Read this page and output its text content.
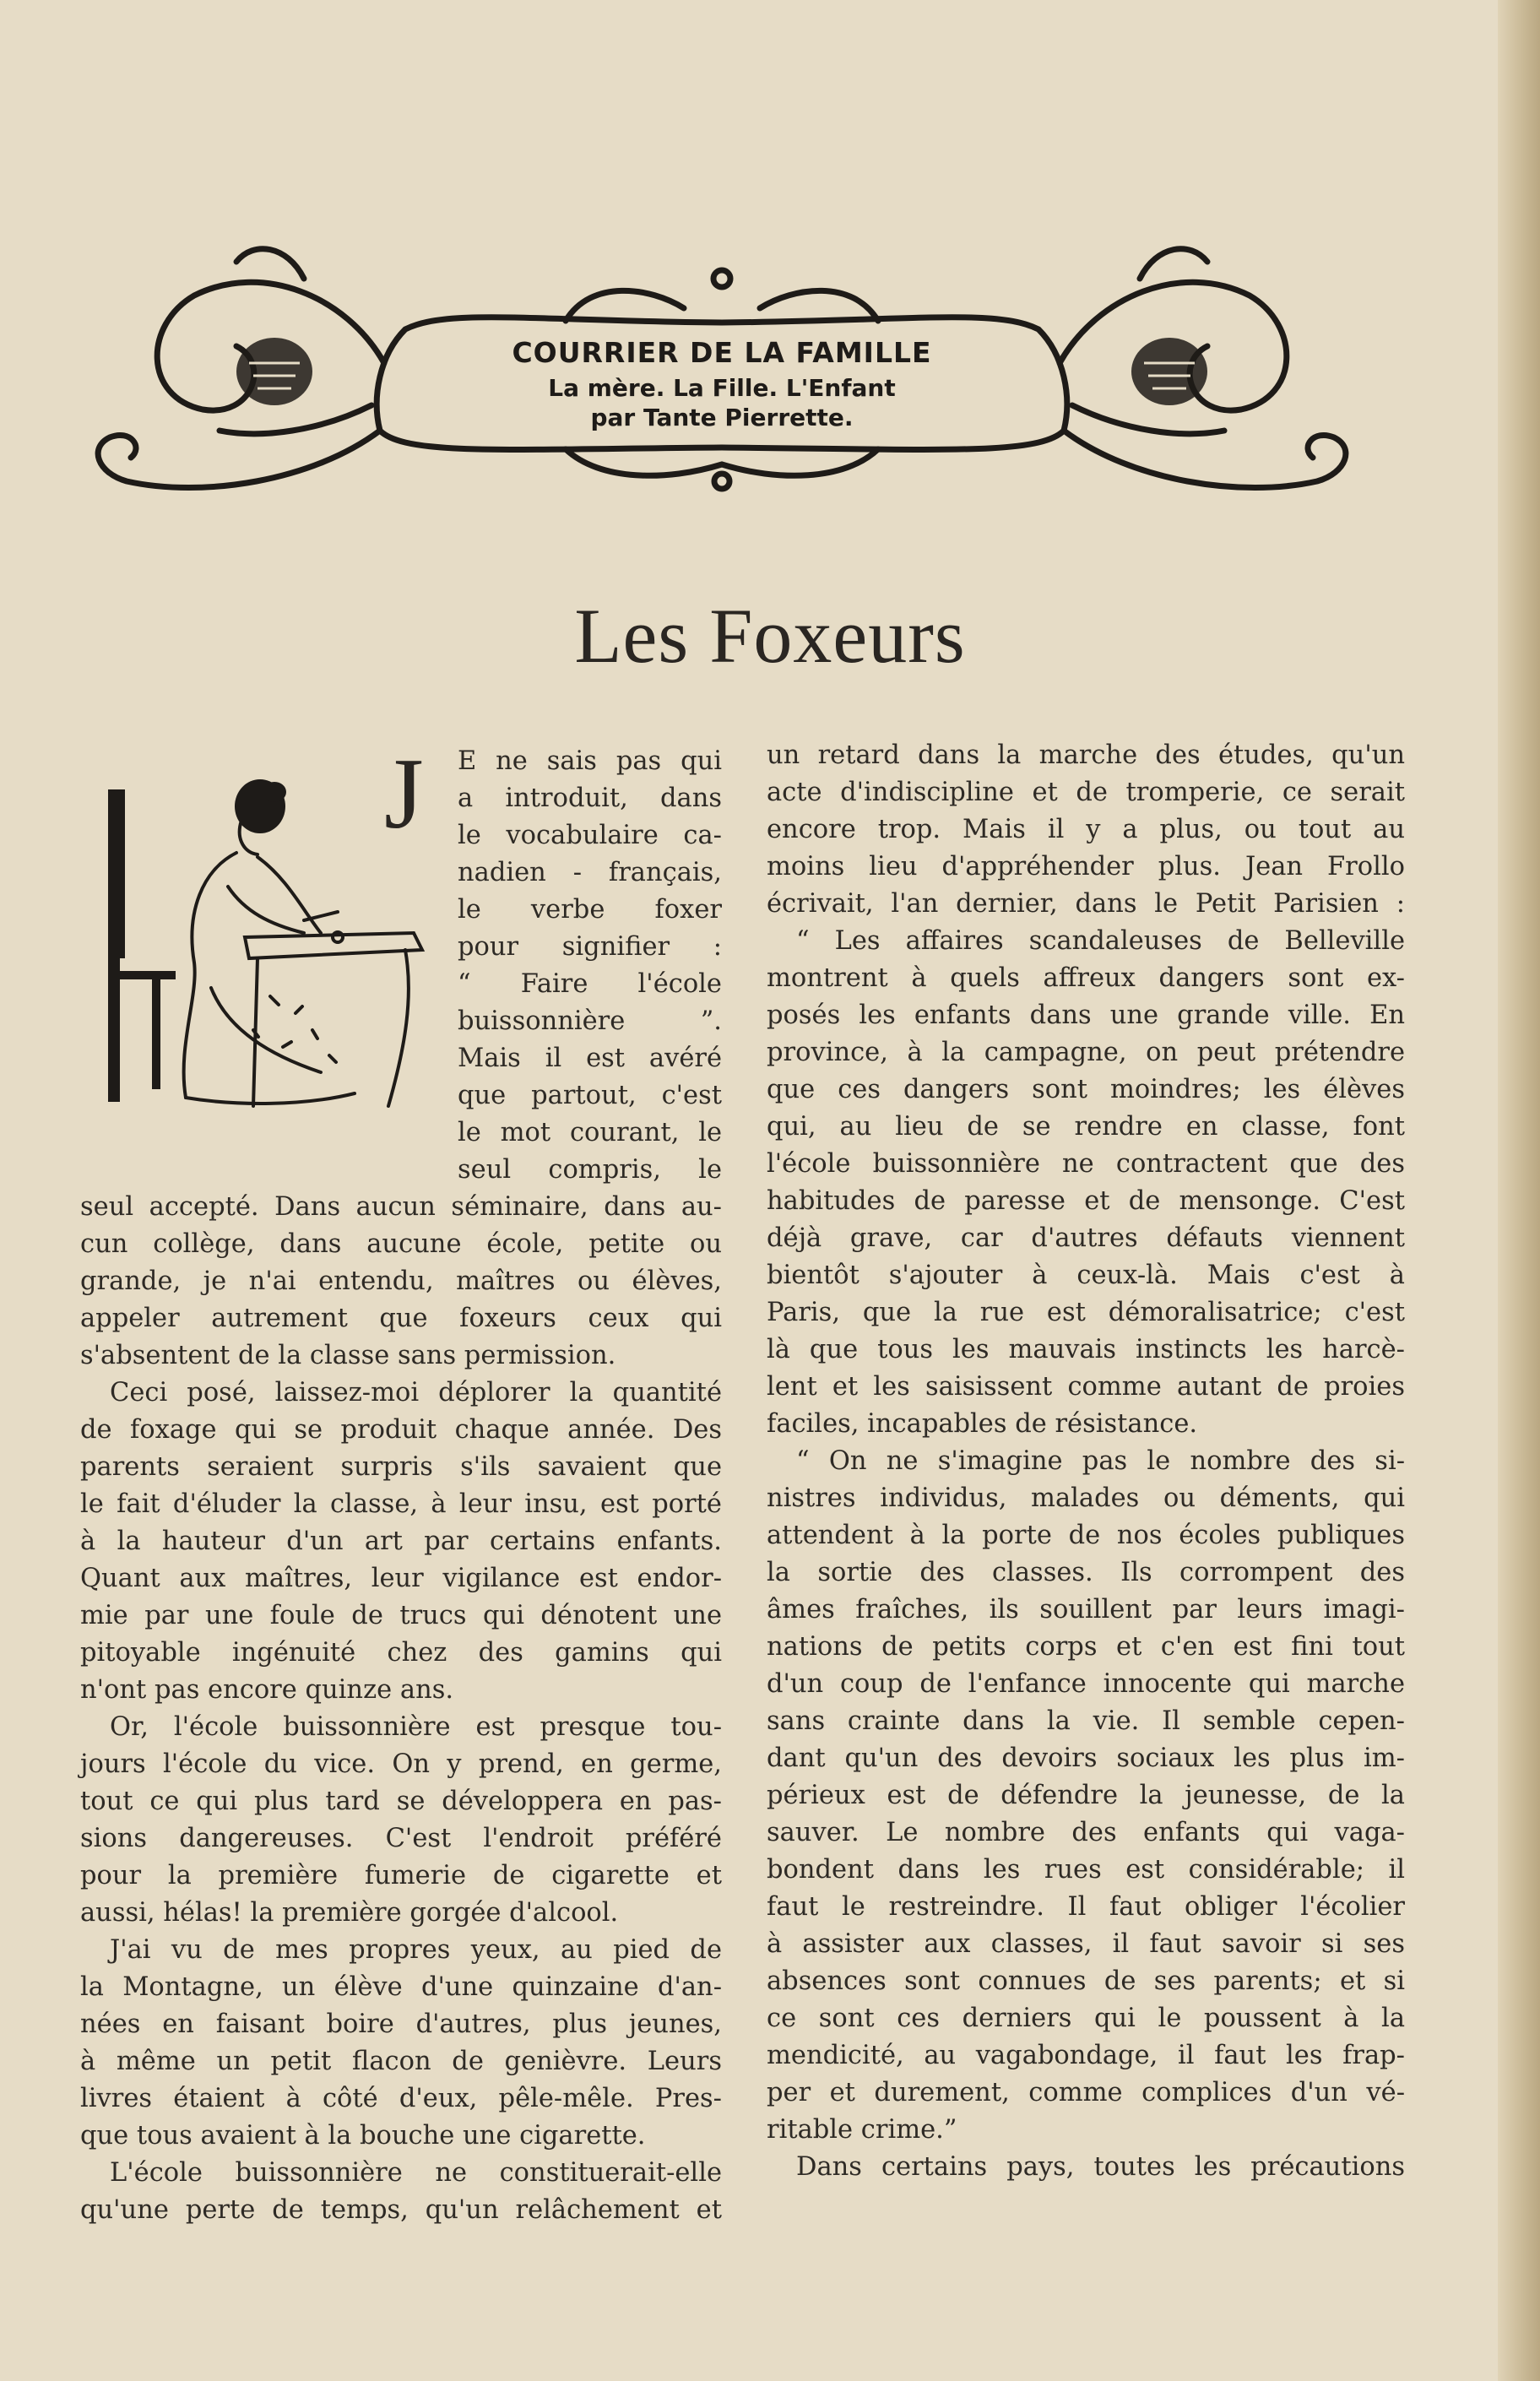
COURRIER DE LA FAMILLE
La mère. La Fille. L'Enfant
par Tante Pierrette.
Les Foxeurs
J E ne sais pas qui
a introduit, dans
le vocabulaire ca-
nadien - français,
le verbe foxer
pour signifier :
“ Faire l'école
buissonnière ”.
Mais il est avéré
que partout, c'est
le mot courant, le
seul compris, le
seul accepté. Dans aucun séminaire, dans au-
cun collège, dans aucune école, petite ou
grande, je n'ai entendu, maîtres ou élèves,
appeler autrement que foxeurs ceux qui
s'absentent de la classe sans permission.
Ceci posé, laissez-moi déplorer la quantité
de foxage qui se produit chaque année. Des
parents seraient surpris s'ils savaient que
le fait d'éluder la classe, à leur insu, est porté
à la hauteur d'un art par certains enfants.
Quant aux maîtres, leur vigilance est endor-
mie par une foule de trucs qui dénotent une
pitoyable ingénuité chez des gamins qui
n'ont pas encore quinze ans.
Or, l'école buissonnière est presque tou-
jours l'école du vice. On y prend, en germe,
tout ce qui plus tard se développera en pas-
sions dangereuses. C'est l'endroit préféré
pour la première fumerie de cigarette et
aussi, hélas! la première gorgée d'alcool.
J'ai vu de mes propres yeux, au pied de
la Montagne, un élève d'une quinzaine d'an-
nées en faisant boire d'autres, plus jeunes,
à même un petit flacon de genièvre. Leurs
livres étaient à côté d'eux, pêle-mêle. Pres-
que tous avaient à la bouche une cigarette.
L'école buissonnière ne constituerait-elle
qu'une perte de temps, qu'un relâchement et
un retard dans la marche des études, qu'un
acte d'indiscipline et de tromperie, ce serait
encore trop. Mais il y a plus, ou tout au
moins lieu d'appréhender plus. Jean Frollo
écrivait, l'an dernier, dans le Petit Parisien :
“ Les affaires scandaleuses de Belleville
montrent à quels affreux dangers sont ex-
posés les enfants dans une grande ville. En
province, à la campagne, on peut prétendre
que ces dangers sont moindres; les élèves
qui, au lieu de se rendre en classe, font
l'école buissonnière ne contractent que des
habitudes de paresse et de mensonge. C'est
déjà grave, car d'autres défauts viennent
bientôt s'ajouter à ceux-là. Mais c'est à
Paris, que la rue est démoralisatrice; c'est
là que tous les mauvais instincts les harcè-
lent et les saisissent comme autant de proies
faciles, incapables de résistance.
“ On ne s'imagine pas le nombre des si-
nistres individus, malades ou déments, qui
attendent à la porte de nos écoles publiques
la sortie des classes. Ils corrompent des
âmes fraîches, ils souillent par leurs imagi-
nations de petits corps et c'en est fini tout
d'un coup de l'enfance innocente qui marche
sans crainte dans la vie. Il semble cepen-
dant qu'un des devoirs sociaux les plus im-
périeux est de défendre la jeunesse, de la
sauver. Le nombre des enfants qui vaga-
bondent dans les rues est considérable; il
faut le restreindre. Il faut obliger l'écolier
à assister aux classes, il faut savoir si ses
absences sont connues de ses parents; et si
ce sont ces derniers qui le poussent à la
mendicité, au vagabondage, il faut les frap-
per et durement, comme complices d'un vé-
ritable crime.”
Dans certains pays, toutes les précautions
